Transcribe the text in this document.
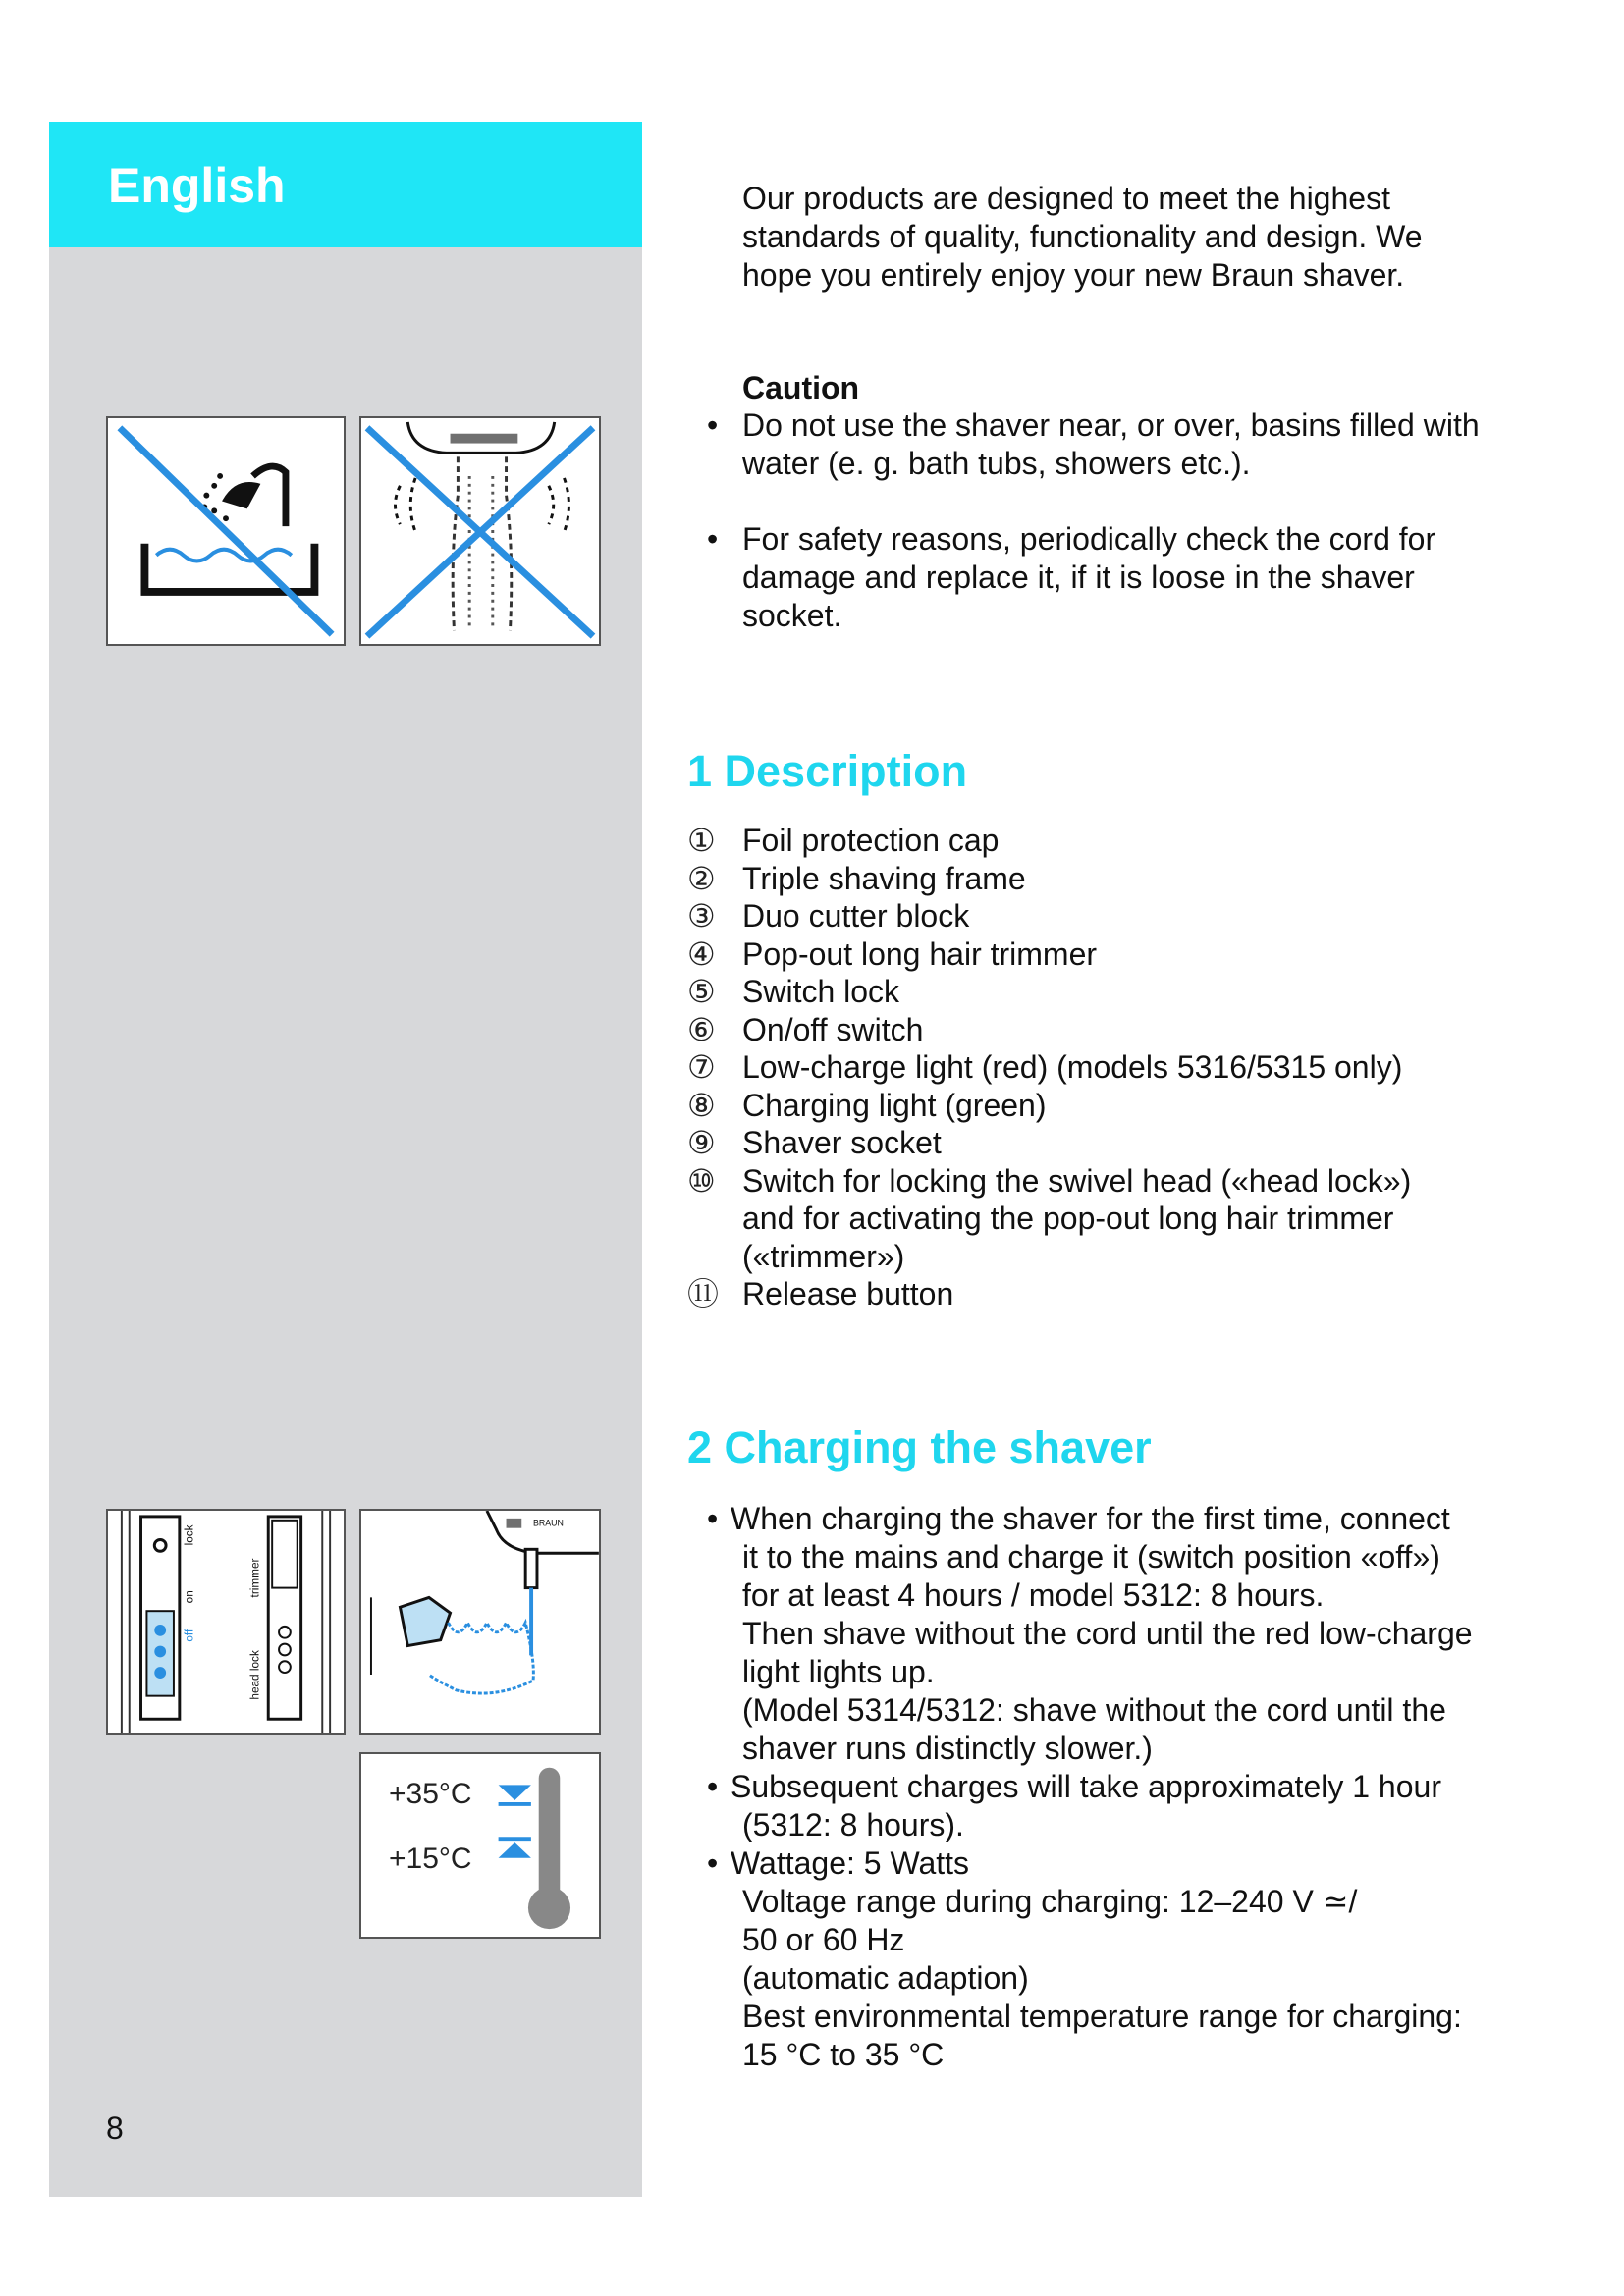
English
lock
on
off
trimmer
head lock
BRAUN
+35°C
+15°C
8
Our products are designed to meet the highest
standards of quality, functionality and design. We
hope you entirely enjoy your new Braun shaver.
Caution
• Do not use the shaver near, or over, basins filled with
water (e. g. bath tubs, showers etc.).
• For safety reasons, periodically check the cord for
damage and replace it, if it is loose in the shaver
socket.
1 Description
① Foil protection cap
② Triple shaving frame
③ Duo cutter block
④ Pop-out long hair trimmer
⑤ Switch lock
⑥ On/off switch
⑦ Low-charge light (red) (models 5316/5315 only)
⑧ Charging light (green)
⑨ Shaver socket
⑩ Switch for locking the swivel head («head lock»)
and for activating the pop-out long hair trimmer
(«trimmer»)
⑪ Release button
2 Charging the shaver
• When charging the shaver for the first time, connect
it to the mains and charge it (switch position «off»)
for at least 4 hours / model 5312: 8 hours.
Then shave without the cord until the red low-charge
light lights up.
(Model 5314/5312: shave without the cord until the
shaver runs distinctly slower.)
• Subsequent charges will take approximately 1 hour
(5312: 8 hours).
• Wattage: 5 Watts
Voltage range during charging: 12–240 V ≃/
50 or 60 Hz
(automatic adaption)
Best environmental temperature range for charging:
15 °C to 35 °C
